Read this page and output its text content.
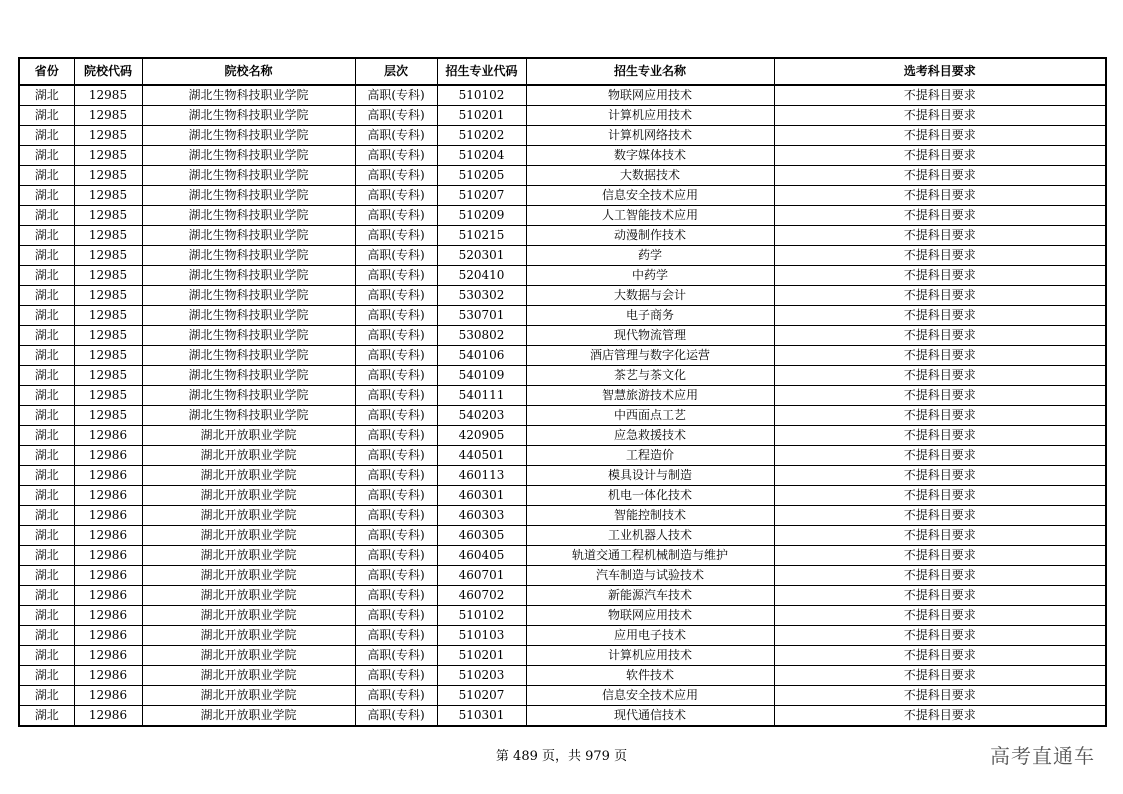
省份	院校代码	院校名称	层次	招生专业代码	招生专业名称	选考科目要求
湖北	12985	湖北生物科技职业学院	高职(专科)	510102	物联网应用技术	不提科目要求
湖北	12985	湖北生物科技职业学院	高职(专科)	510201	计算机应用技术	不提科目要求
湖北	12985	湖北生物科技职业学院	高职(专科)	510202	计算机网络技术	不提科目要求
湖北	12985	湖北生物科技职业学院	高职(专科)	510204	数字媒体技术	不提科目要求
湖北	12985	湖北生物科技职业学院	高职(专科)	510205	大数据技术	不提科目要求
湖北	12985	湖北生物科技职业学院	高职(专科)	510207	信息安全技术应用	不提科目要求
湖北	12985	湖北生物科技职业学院	高职(专科)	510209	人工智能技术应用	不提科目要求
湖北	12985	湖北生物科技职业学院	高职(专科)	510215	动漫制作技术	不提科目要求
湖北	12985	湖北生物科技职业学院	高职(专科)	520301	药学	不提科目要求
湖北	12985	湖北生物科技职业学院	高职(专科)	520410	中药学	不提科目要求
湖北	12985	湖北生物科技职业学院	高职(专科)	530302	大数据与会计	不提科目要求
湖北	12985	湖北生物科技职业学院	高职(专科)	530701	电子商务	不提科目要求
湖北	12985	湖北生物科技职业学院	高职(专科)	530802	现代物流管理	不提科目要求
湖北	12985	湖北生物科技职业学院	高职(专科)	540106	酒店管理与数字化运营	不提科目要求
湖北	12985	湖北生物科技职业学院	高职(专科)	540109	茶艺与茶文化	不提科目要求
湖北	12985	湖北生物科技职业学院	高职(专科)	540111	智慧旅游技术应用	不提科目要求
湖北	12985	湖北生物科技职业学院	高职(专科)	540203	中西面点工艺	不提科目要求
湖北	12986	湖北开放职业学院	高职(专科)	420905	应急救援技术	不提科目要求
湖北	12986	湖北开放职业学院	高职(专科)	440501	工程造价	不提科目要求
湖北	12986	湖北开放职业学院	高职(专科)	460113	模具设计与制造	不提科目要求
湖北	12986	湖北开放职业学院	高职(专科)	460301	机电一体化技术	不提科目要求
湖北	12986	湖北开放职业学院	高职(专科)	460303	智能控制技术	不提科目要求
湖北	12986	湖北开放职业学院	高职(专科)	460305	工业机器人技术	不提科目要求
湖北	12986	湖北开放职业学院	高职(专科)	460405	轨道交通工程机械制造与维护	不提科目要求
湖北	12986	湖北开放职业学院	高职(专科)	460701	汽车制造与试验技术	不提科目要求
湖北	12986	湖北开放职业学院	高职(专科)	460702	新能源汽车技术	不提科目要求
湖北	12986	湖北开放职业学院	高职(专科)	510102	物联网应用技术	不提科目要求
湖北	12986	湖北开放职业学院	高职(专科)	510103	应用电子技术	不提科目要求
湖北	12986	湖北开放职业学院	高职(专科)	510201	计算机应用技术	不提科目要求
湖北	12986	湖北开放职业学院	高职(专科)	510203	软件技术	不提科目要求
湖北	12986	湖北开放职业学院	高职(专科)	510207	信息安全技术应用	不提科目要求
湖北	12986	湖北开放职业学院	高职(专科)	510301	现代通信技术	不提科目要求
第 489 页，共 979 页	高考直通车
